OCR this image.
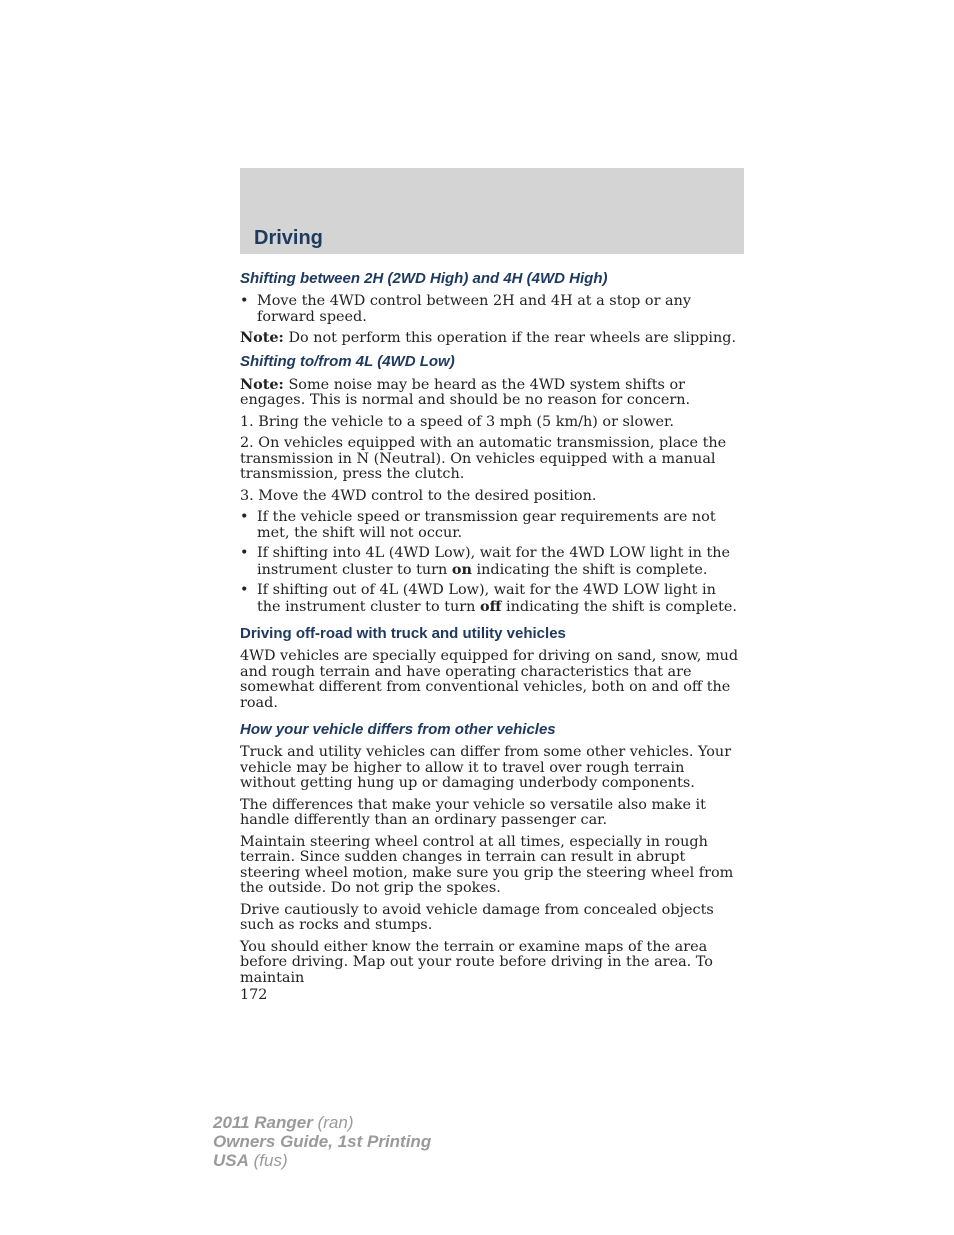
Driving
Shifting between 2H (2WD High) and 4H (4WD High)
• Move the 4WD control between 2H and 4H at a stop or any forward speed.

Note: Do not perform this operation if the rear wheels are slipping.

Shifting to/from 4L (4WD Low)

Note: Some noise may be heard as the 4WD system shifts or engages. This is normal and should be no reason for concern.

1. Bring the vehicle to a speed of 3 mph (5 km/h) or slower.

2. On vehicles equipped with an automatic transmission, place the transmission in N (Neutral). On vehicles equipped with a manual transmission, press the clutch.

3. Move the 4WD control to the desired position.

• If the vehicle speed or transmission gear requirements are not met, the shift will not occur.
• If shifting into 4L (4WD Low), wait for the 4WD LOW light in the instrument cluster to turn on indicating the shift is complete.
• If shifting out of 4L (4WD Low), wait for the 4WD LOW light in the instrument cluster to turn off indicating the shift is complete.
Driving off-road with truck and utility vehicles

4WD vehicles are specially equipped for driving on sand, snow, mud and rough terrain and have operating characteristics that are somewhat different from conventional vehicles, both on and off the road.

How your vehicle differs from other vehicles

Truck and utility vehicles can differ from some other vehicles. Your vehicle may be higher to allow it to travel over rough terrain without getting hung up or damaging underbody components.

The differences that make your vehicle so versatile also make it handle differently than an ordinary passenger car.

Maintain steering wheel control at all times, especially in rough terrain. Since sudden changes in terrain can result in abrupt steering wheel motion, make sure you grip the steering wheel from the outside. Do not grip the spokes.

Drive cautiously to avoid vehicle damage from concealed objects such as rocks and stumps.

You should either know the terrain or examine maps of the area before driving. Map out your route before driving in the area. To maintain

172
2011 Ranger (ran)
Owners Guide, 1st Printing
USA (fus)
